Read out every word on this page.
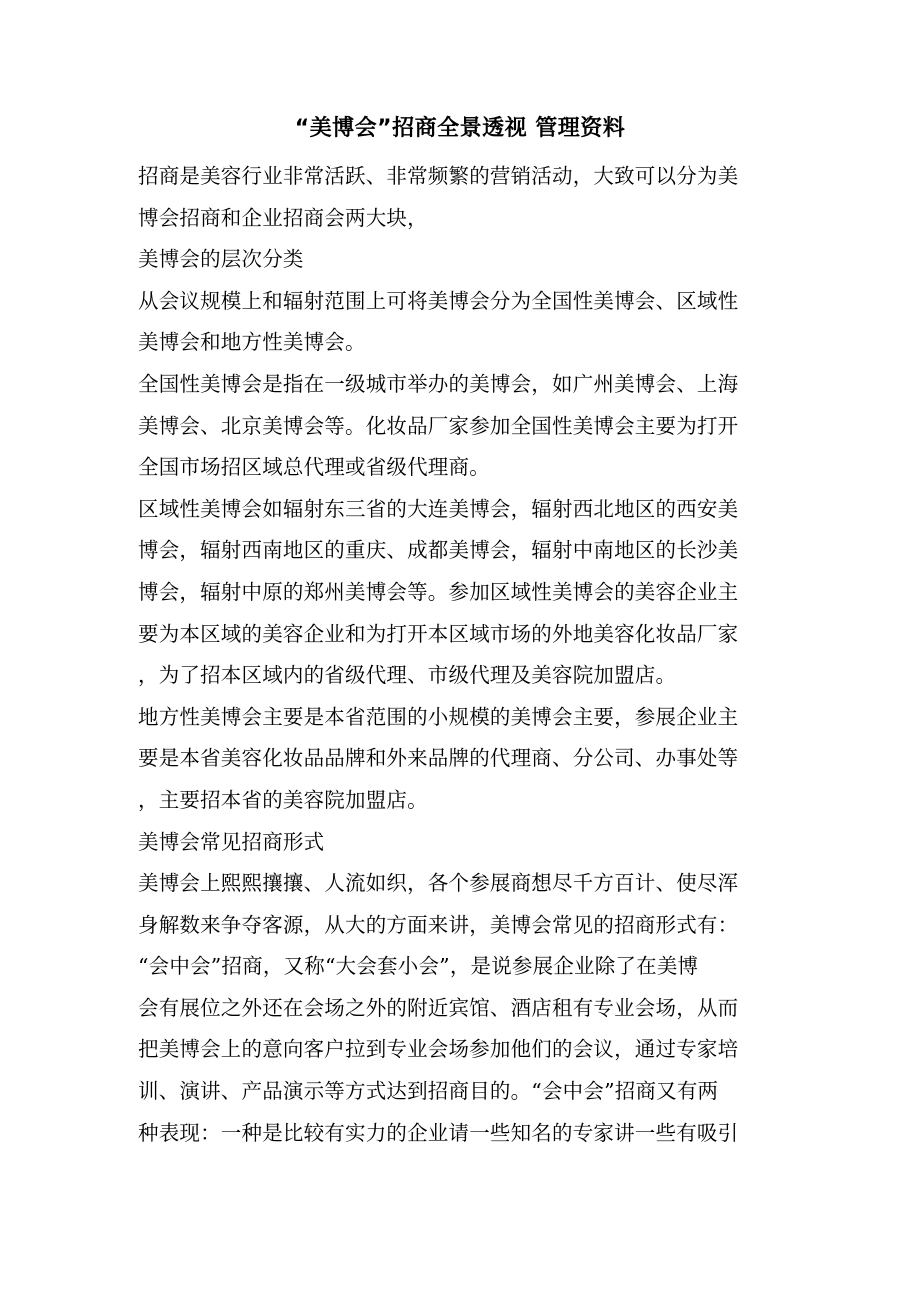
“美博会”招商全景透视 管理资料
招商是美容行业非常活跃、非常频繁的营销活动，大致可以分为美
博会招商和企业招商会两大块，
美博会的层次分类
从会议规模上和辐射范围上可将美博会分为全国性美博会、区域性
美博会和地方性美博会。
全国性美博会是指在一级城市举办的美博会，如广州美博会、上海
美博会、北京美博会等。化妆品厂家参加全国性美博会主要为打开
全国市场招区域总代理或省级代理商。
区域性美博会如辐射东三省的大连美博会，辐射西北地区的西安美
博会，辐射西南地区的重庆、成都美博会，辐射中南地区的长沙美
博会，辐射中原的郑州美博会等。参加区域性美博会的美容企业主
要为本区域的美容企业和为打开本区域市场的外地美容化妆品厂家
，为了招本区域内的省级代理、市级代理及美容院加盟店。
地方性美博会主要是本省范围的小规模的美博会主要，参展企业主
要是本省美容化妆品品牌和外来品牌的代理商、分公司、办事处等
，主要招本省的美容院加盟店。
美博会常见招商形式
美博会上熙熙攘攘、人流如织，各个参展商想尽千方百计、使尽浑
身解数来争夺客源，从大的方面来讲，美博会常见的招商形式有：
“会中会”招商，又称“大会套小会”，是说参展企业除了在美博
会有展位之外还在会场之外的附近宾馆、酒店租有专业会场，从而
把美博会上的意向客户拉到专业会场参加他们的会议，通过专家培
训、演讲、产品演示等方式达到招商目的。“会中会”招商又有两
种表现：一种是比较有实力的企业请一些知名的专家讲一些有吸引
